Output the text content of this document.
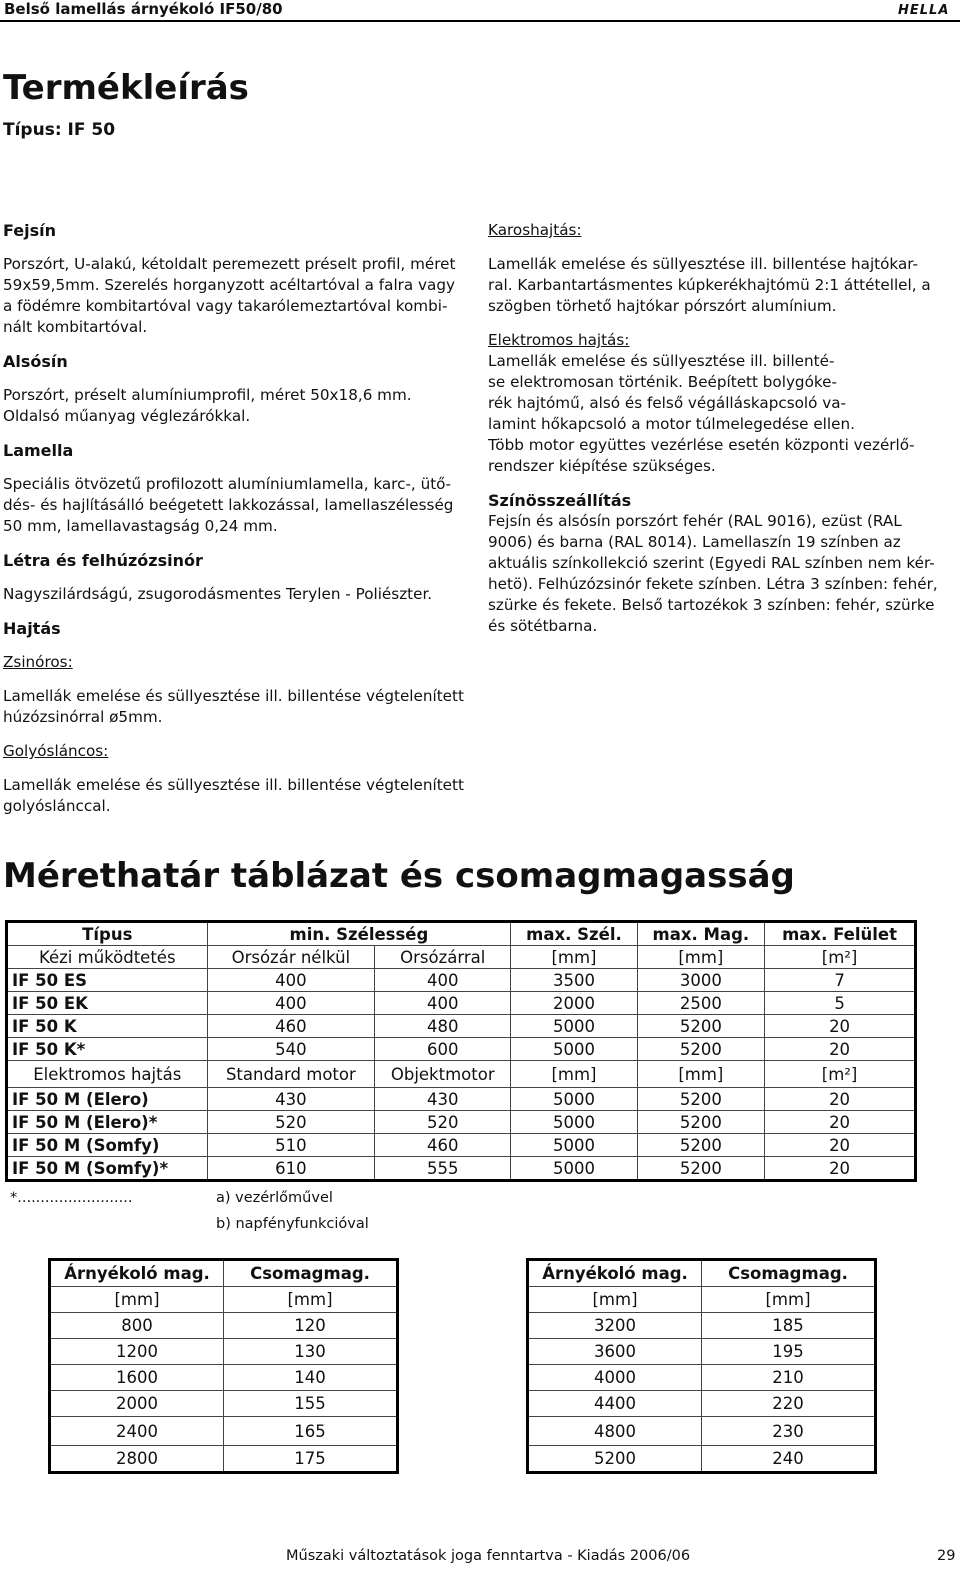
Belső lamellás árnyékoló IF50/80	HELLA
Termékleírás
Típus: IF 50

Fejsín

Porszórt, U-alakú, kétoldalt peremezett préselt profil, méret

59x59,5mm. Szerelés horganyzott acéltartóval a falra vagy

a födémre kombitartóval vagy takarólemeztartóval kombi-

nált kombitartóval.

Alsósín

Porszórt, préselt alumíniumprofil, méret 50x18,6 mm.

Oldalsó műanyag véglezárókkal.

Lamella

Speciális ötvözetű profilozott alumíniumlamella, karc-, ütő-

dés- és hajlításálló beégetett lakkozással, lamellaszélesség

50 mm, lamellavastagság 0,24 mm.

Létra és felhúzózsinór

Nagyszilárdságú, zsugorodásmentes Terylen - Poliészter.

Hajtás

Zsinóros:

Lamellák emelése és süllyesztése ill. billentése végtelenített

húzózsinórral ø5mm.

Golyósláncos:

Lamellák emelése és süllyesztése ill. billentése végtelenített

golyóslánccal.

Karoshajtás:

Lamellák emelése és süllyesztése ill. billentése hajtókar-

ral. Karbantartásmentes kúpkerékhajtómü 2:1 áttétellel, a

szögben törhető hajtókar pórszórt alumínium.

Elektromos hajtás:

Lamellák emelése és süllyesztése ill. billenté-

se elektromosan történik. Beépített bolygóke-

rék hajtómű, alsó és felső végálláskapcsoló va-

lamint hőkapcsoló a motor túlmelegedése ellen.

Több motor együttes vezérlése esetén központi vezérlő-

rendszer kiépítése szükséges.

Színösszeállítás

Fejsín és alsósín porszórt fehér (RAL 9016), ezüst (RAL

9006) és barna (RAL 8014). Lamellaszín 19 színben az

aktuális színkollekció szerint (Egyedi RAL színben nem kér-

hetö). Felhúzózsinór fekete színben. Létra 3 színben: fehér,

szürke és fekete. Belső tartozékok 3 színben: fehér, szürke

és sötétbarna.

Mérethatár táblázat és csomagmagasság
Típus	min. Szélesség		max. Szél.	max. Mag.	max. Felület
Kézi működtetés	Orsózár nélkül	Orsózárral	[mm]	[mm]	[m²]
IF 50 ES	400	400	3500	3000	7
IF 50 EK	400	400	2000	2500	5
IF 50 K	460	480	5000	5200	20
IF 50 K*	540	600	5000	5200	20
Elektromos hajtás	Standard motor	Objektmotor	[mm]	[mm]	[m²]
IF 50 M (Elero)	430	430	5000	5200	20
IF 50 M (Elero)*	520	520	5000	5200	20
IF 50 M (Somfy)	510	460	5000	5200	20
IF 50 M (Somfy)*	610	555	5000	5200	20
*.........................	a) vezérlőművel
b) napfényfunkcióval
Árnyékoló mag.	Csomagmag.
[mm]	[mm]
800	120
1200	130
1600	140
2000	155
2400	165
2800	175
Árnyékoló mag.	Csomagmag.
[mm]	[mm]
3200	185
3600	195
4000	210
4400	220
4800	230
5200	240
Műszaki változtatások joga fenntartva - Kiadás 2006/06	29
